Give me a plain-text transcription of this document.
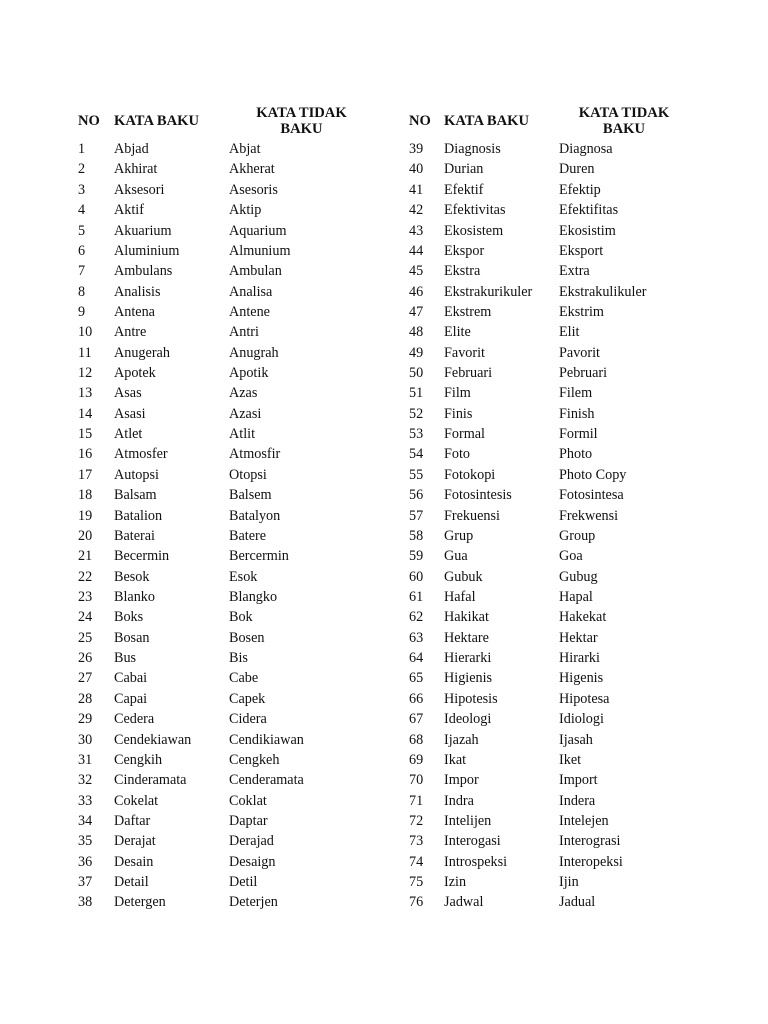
NO	KATA BAKU	KATA TIDAK
BAKU
1	Abjad	Abjat
2	Akhirat	Akherat
3	Aksesori	Asesoris
4	Aktif	Aktip
5	Akuarium	Aquarium
6	Aluminium	Almunium
7	Ambulans	Ambulan
8	Analisis	Analisa
9	Antena	Antene
10	Antre	Antri
11	Anugerah	Anugrah
12	Apotek	Apotik
13	Asas	Azas
14	Asasi	Azasi
15	Atlet	Atlit
16	Atmosfer	Atmosfir
17	Autopsi	Otopsi
18	Balsam	Balsem
19	Batalion	Batalyon
20	Baterai	Batere
21	Becermin	Bercermin
22	Besok	Esok
23	Blanko	Blangko
24	Boks	Bok
25	Bosan	Bosen
26	Bus	Bis
27	Cabai	Cabe
28	Capai	Capek
29	Cedera	Cidera
30	Cendekiawan	Cendikiawan
31	Cengkih	Cengkeh
32	Cinderamata	Cenderamata
33	Cokelat	Coklat
34	Daftar	Daptar
35	Derajat	Derajad
36	Desain	Desaign
37	Detail	Detil
38	Detergen	Deterjen
NO	KATA BAKU	KATA TIDAK
BAKU
39	Diagnosis	Diagnosa
40	Durian	Duren
41	Efektif	Efektip
42	Efektivitas	Efektifitas
43	Ekosistem	Ekosistim
44	Ekspor	Eksport
45	Ekstra	Extra
46	Ekstrakurikuler	Ekstrakulikuler
47	Ekstrem	Ekstrim
48	Elite	Elit
49	Favorit	Pavorit
50	Februari	Pebruari
51	Film	Filem
52	Finis	Finish
53	Formal	Formil
54	Foto	Photo
55	Fotokopi	Photo Copy
56	Fotosintesis	Fotosintesa
57	Frekuensi	Frekwensi
58	Grup	Group
59	Gua	Goa
60	Gubuk	Gubug
61	Hafal	Hapal
62	Hakikat	Hakekat
63	Hektare	Hektar
64	Hierarki	Hirarki
65	Higienis	Higenis
66	Hipotesis	Hipotesa
67	Ideologi	Idiologi
68	Ijazah	Ijasah
69	Ikat	Iket
70	Impor	Import
71	Indra	Indera
72	Intelijen	Intelejen
73	Interogasi	Interograsi
74	Introspeksi	Interopeksi
75	Izin	Ijin
76	Jadwal	Jadual
